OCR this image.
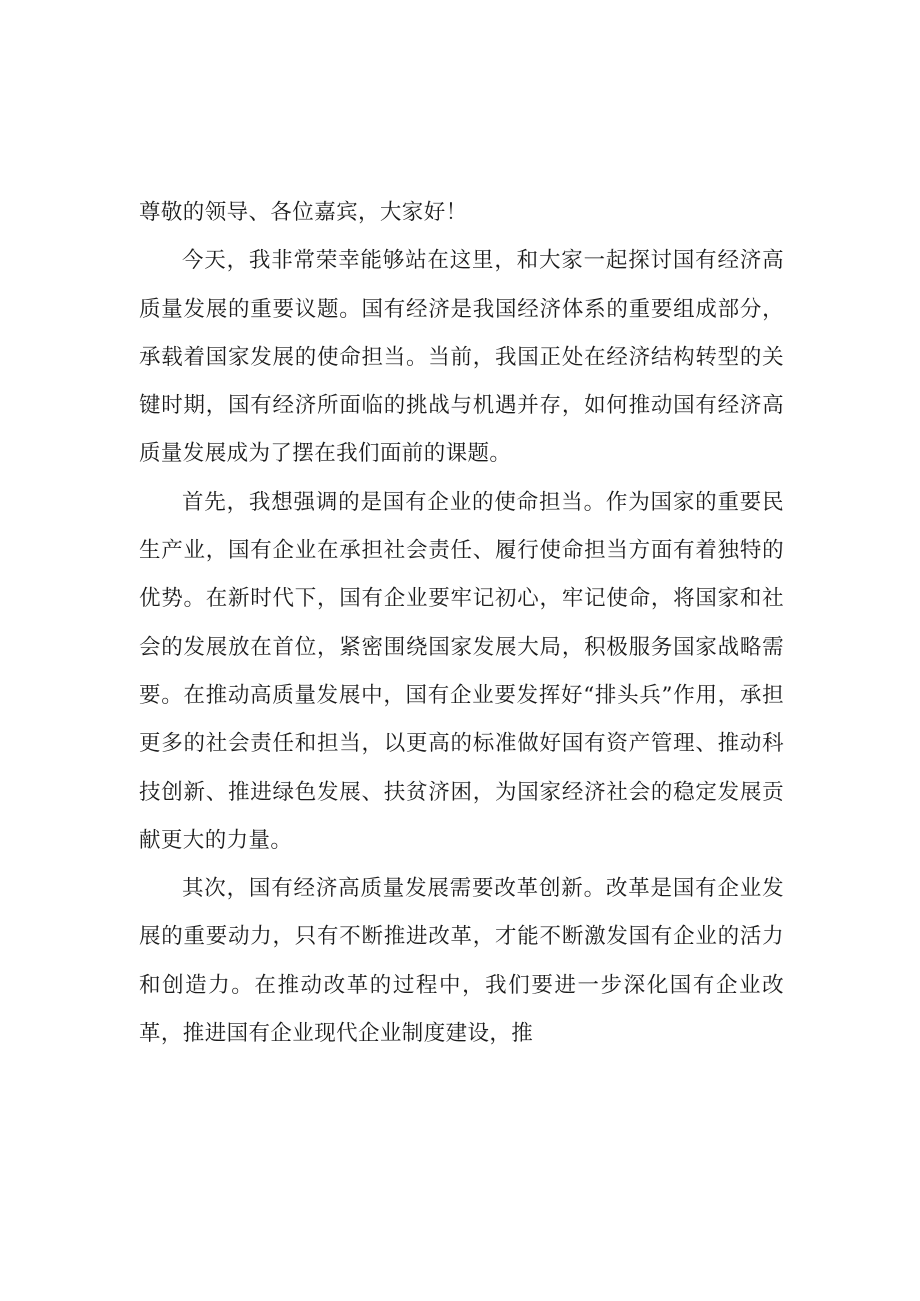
尊敬的领导、各位嘉宾，大家好！

今天，我非常荣幸能够站在这里，和大家一起探讨国有经济高质量发展的重要议题。国有经济是我国经济体系的重要组成部分，承载着国家发展的使命担当。当前，我国正处在经济结构转型的关键时期，国有经济所面临的挑战与机遇并存，如何推动国有经济高质量发展成为了摆在我们面前的课题。

首先，我想强调的是国有企业的使命担当。作为国家的重要民生产业，国有企业在承担社会责任、履行使命担当方面有着独特的优势。在新时代下，国有企业要牢记初心，牢记使命，将国家和社会的发展放在首位，紧密围绕国家发展大局，积极服务国家战略需要。在推动高质量发展中，国有企业要发挥好“排头兵”作用，承担更多的社会责任和担当，以更高的标准做好国有资产管理、推动科技创新、推进绿色发展、扶贫济困，为国家经济社会的稳定发展贡献更大的力量。

其次，国有经济高质量发展需要改革创新。改革是国有企业发展的重要动力，只有不断推进改革，才能不断激发国有企业的活力和创造力。在推动改革的过程中，我们要进一步深化国有企业改革，推进国有企业现代企业制度建设，推
